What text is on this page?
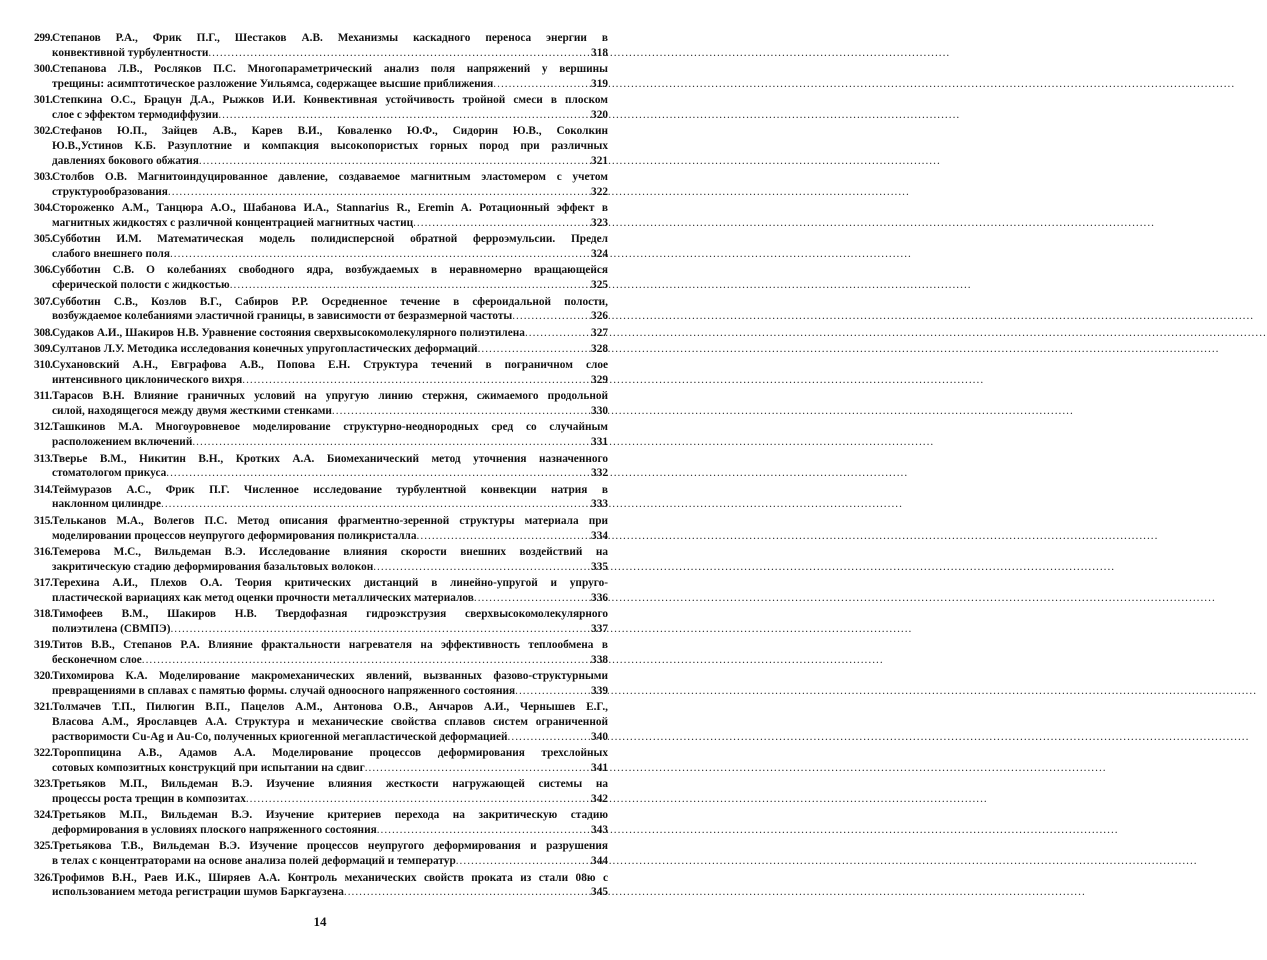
299. Степанов Р.А., Фрик П.Г., Шестаков А.В. Механизмы каскадного переноса энергии в
конвективной турбулентности .....	318
300. Степанова Л.В., Росляков П.С. Многопараметрический анализ поля напряжений у вершины
трещины: асимптотическое разложение Уильямса, содержащее высшие приближения .....	319
301. Степкина О.С., Брацун Д.А., Рыжков И.И. Конвективная устойчивость тройной смеси в плоском
слое с эффектом термодиффузии .....	320
302. Стефанов Ю.П., Зайцев А.В., Карев В.И., Коваленко Ю.Ф., Сидорин Ю.В., Соколкин
Ю.В.,Устинов К.Б. Разуплотние и компакция высокопористых горных пород при различных
давлениях бокового обжатия .....	321
303. Столбов О.В. Магнитоиндуцированное давление, создаваемое магнитным эластомером с учетом
структурообразования .....	322
304. Стороженко А.М., Танцюра А.О., Шабанова И.А., Stannarius R., Eremin A. Ротационный эффект в
магнитных жидкостях с различной концентрацией магнитных частиц .....	323
305. Субботин И.М. Математическая модель полидисперсной обратной ферроэмульсии. Предел
слабого внешнего поля .....	324
306. Субботин С.В. О колебаниях свободного ядра, возбуждаемых в неравномерно вращающейся
сферической полости с жидкостью .....	325
307. Субботин С.В., Козлов В.Г., Сабиров Р.Р. Осредненное течение в сфероидальной полости,
возбуждаемое колебаниями эластичной границы, в зависимости от безразмерной частоты .....	326
308. Судаков А.И., Шакиров Н.В. Уравнение состояния сверхвысокомолекулярного полиэтилена .....	327
309. Султанов Л.У. Методика исследования конечных упругопластических деформаций .....	328
310. Сухановский А.Н., Евграфова А.В., Попова Е.Н. Структура течений в пограничном слое
интенсивного циклонического вихря .....	329
311. Тарасов В.Н. Влияние граничных условий на упругую линию стержня, сжимаемого продольной
силой, находящегося между двумя жесткими стенками .....	330
312. Ташкинов М.А. Многоуровневое моделирование структурно-неоднородных сред со случайным
расположением включений .....	331
313. Тверье В.М., Никитин В.Н., Кротких А.А. Биомеханический метод уточнения назначенного
стоматологом прикуса .....	332
314. Теймуразов А.С., Фрик П.Г. Численное исследование турбулентной конвекции натрия в
наклонном цилиндре .....	333
315. Тельканов М.А., Волегов П.С. Метод описания фрагментно-зеренной структуры материала при
моделировании процессов неупругого деформирования поликристалла .....	334
316. Темерова М.С., Вильдеман В.Э. Исследование влияния скорости внешних воздействий на
закритическую стадию деформирования базальтовых волокон .....	335
317. Терехина А.И., Плехов О.А. Теория критических дистанций в линейно-упругой и упруго-
пластической вариациях как метод оценки прочности металлических материалов .....	336
318. Тимофеев В.М., Шакиров Н.В. Твердофазная гидроэкструзия сверхвысокомолекулярного
полиэтилена (СВМПЭ) .....	337
319. Титов В.В., Степанов Р.А. Влияние фрактальности нагревателя на эффективность теплообмена в
бесконечном слое .....	338
320. Тихомирова К.А. Моделирование макромеханических явлений, вызванных фазово-структурными
превращениями в сплавах с памятью формы. случай одноосного напряженного состояния .....	339
321. Толмачев Т.П., Пилюгин В.П., Пацелов А.М., Антонова О.В., Анчаров А.И., Чернышев Е.Г.,
Власова А.М., Ярославцев А.А. Структура и механические свойства сплавов систем ограниченной
растворимости Cu-Ag и Au-Co, полученных криогенной мегапластической деформацией .....	340
322. Тороппицина А.В., Адамов А.А. Моделирование процессов деформирования трехслойных
сотовых композитных конструкций при испытании на сдвиг .....	341
323. Третьяков М.П., Вильдеман В.Э. Изучение влияния жесткости нагружающей системы на
процессы роста трещин в композитах .....	342
324. Третьяков М.П., Вильдеман В.Э. Изучение критериев перехода на закритическую стадию
деформирования в условиях плоского напряженного состояния .....	343
325. Третьякова Т.В., Вильдеман В.Э. Изучение процессов неупругого деформирования и разрушения
в телах с концентраторами на основе анализа полей деформаций и температур .....	344
326. Трофимов В.Н., Раев И.К., Ширяев А.А. Контроль механических свойств проката из стали 08ю с
использованием метода регистрации шумов Баркгаузена .....	345
14
